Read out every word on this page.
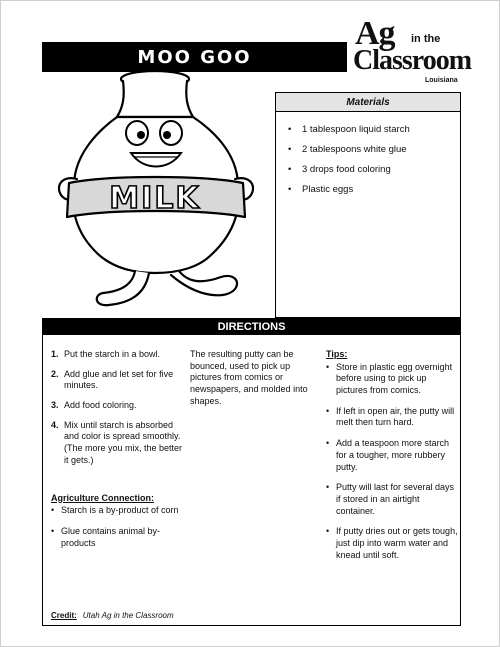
MOO GOO
Ag in the
Classroom
Louisiana
MILK
Materials
•	1 tablespoon liquid starch
•	2 tablespoons white glue
•	3 drops food coloring
•	Plastic eggs
DIRECTIONS
1. Put the starch in a bowl.
2. Add glue and let set for five minutes.
3. Add food coloring.
4. Mix until starch is absorbed and color is spread smoothly. (The more you mix, the better it gets.)
Agriculture Connection:
• Starch is a by-product of corn
• Glue contains animal by-products
The resulting putty can be bounced, used to pick up pictures from comics or newspapers, and molded into shapes.
Tips:
• Store in plastic egg overnight before using to pick up pictures from comics.
• If left in open air, the putty will melt then turn hard.
• Add a teaspoon more starch for a tougher, more rubbery putty.
• Putty will last for several days if stored in an airtight container.
• If putty dries out or gets tough, just dip into warm water and knead until soft.
Credit: Utah Ag in the Classroom
